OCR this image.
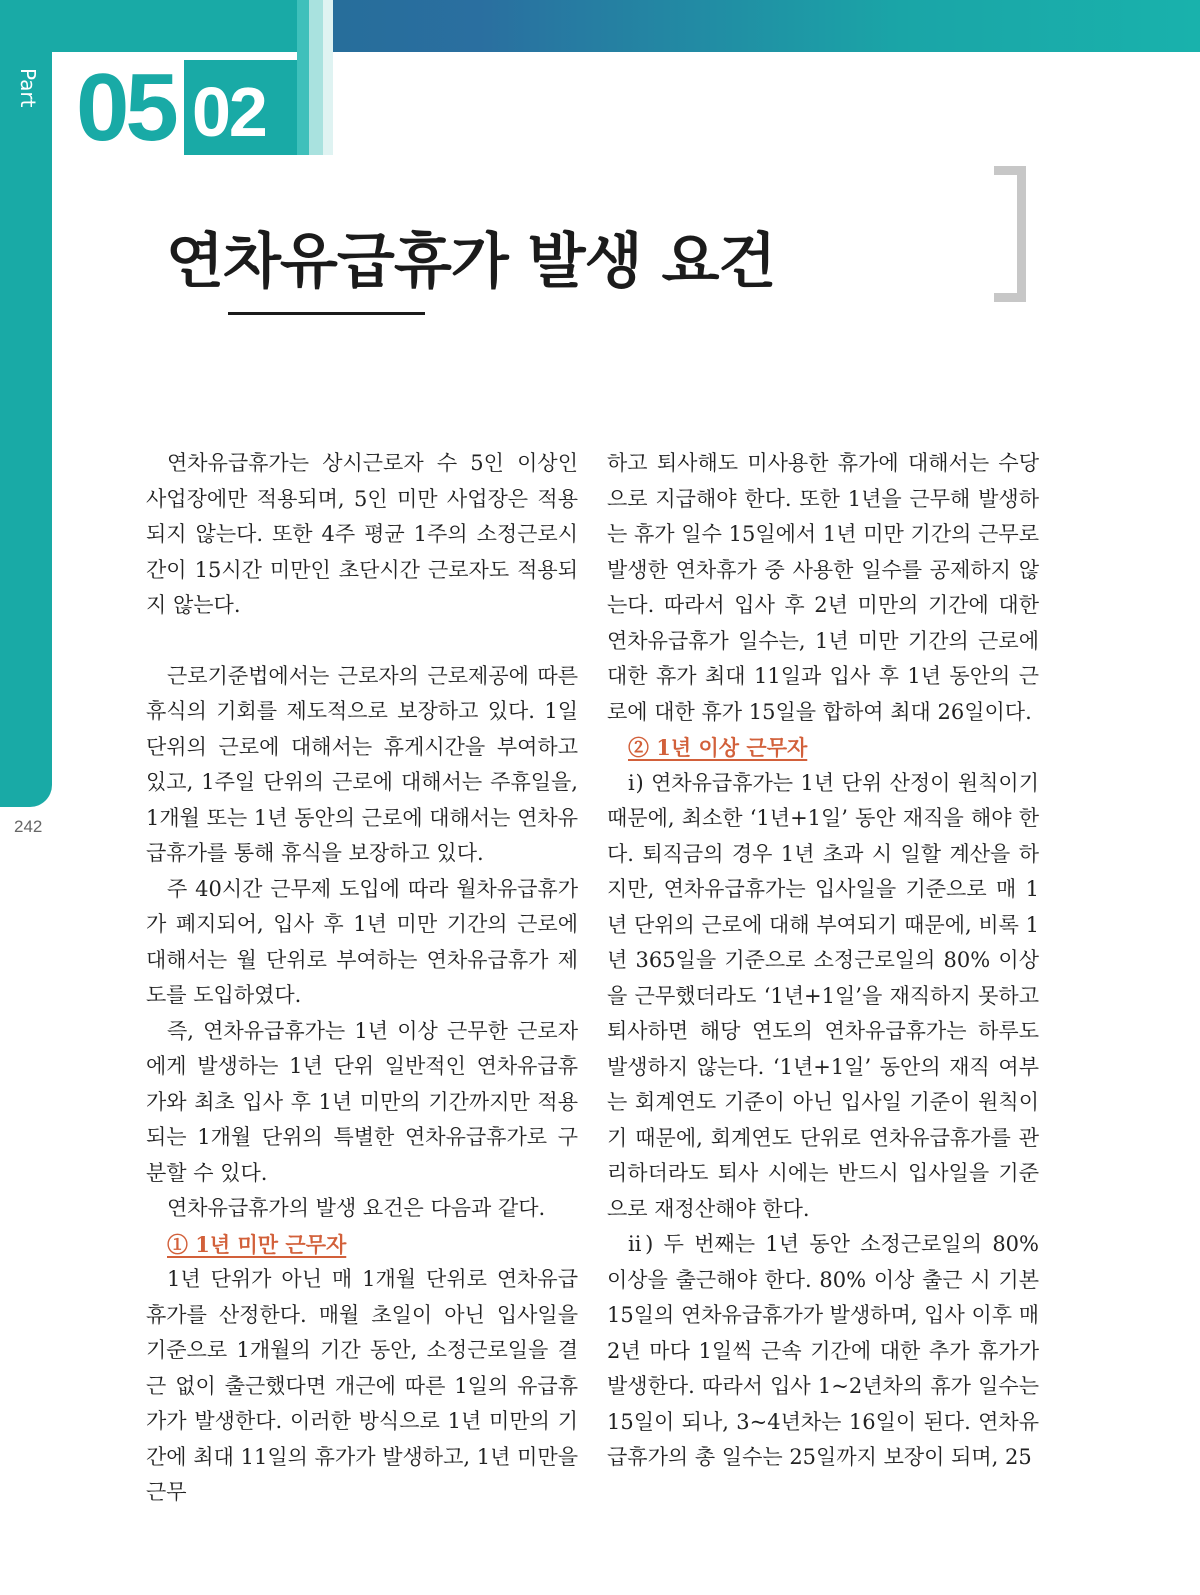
Part 05 02
연차유급휴가 발생 요건
242

연차유급휴가는 상시근로자 수 5인 이상인 사업장에만 적용되며, 5인 미만 사업장은 적용되지 않는다. 또한 4주 평균 1주의 소정근로시간이 15시간 미만인 초단시간 근로자도 적용되지 않는다.

근로기준법에서는 근로자의 근로제공에 따른 휴식의 기회를 제도적으로 보장하고 있다. 1일 단위의 근로에 대해서는 휴게시간을 부여하고 있고, 1주일 단위의 근로에 대해서는 주휴일을, 1개월 또는 1년 동안의 근로에 대해서는 연차유급휴가를 통해 휴식을 보장하고 있다.

주 40시간 근무제 도입에 따라 월차유급휴가가 폐지되어, 입사 후 1년 미만 기간의 근로에 대해서는 월 단위로 부여하는 연차유급휴가 제도를 도입하였다.

즉, 연차유급휴가는 1년 이상 근무한 근로자에게 발생하는 1년 단위 일반적인 연차유급휴가와 최초 입사 후 1년 미만의 기간까지만 적용되는 1개월 단위의 특별한 연차유급휴가로 구분할 수 있다.

연차유급휴가의 발생 요건은 다음과 같다.

① 1년 미만 근무자

1년 단위가 아닌 매 1개월 단위로 연차유급휴가를 산정한다. 매월 초일이 아닌 입사일을 기준으로 1개월의 기간 동안, 소정근로일을 결근 없이 출근했다면 개근에 따른 1일의 유급휴가가 발생한다. 이러한 방식으로 1년 미만의 기간에 최대 11일의 휴가가 발생하고, 1년 미만을 근무

하고 퇴사해도 미사용한 휴가에 대해서는 수당으로 지급해야 한다. 또한 1년을 근무해 발생하는 휴가 일수 15일에서 1년 미만 기간의 근무로 발생한 연차휴가 중 사용한 일수를 공제하지 않는다. 따라서 입사 후 2년 미만의 기간에 대한 연차유급휴가 일수는, 1년 미만 기간의 근로에 대한 휴가 최대 11일과 입사 후 1년 동안의 근로에 대한 휴가 15일을 합하여 최대 26일이다.

② 1년 이상 근무자

ⅰ) 연차유급휴가는 1년 단위 산정이 원칙이기 때문에, 최소한 ‘1년+1일’ 동안 재직을 해야 한다. 퇴직금의 경우 1년 초과 시 일할 계산을 하지만, 연차유급휴가는 입사일을 기준으로 매 1년 단위의 근로에 대해 부여되기 때문에, 비록 1년 365일을 기준으로 소정근로일의 80% 이상을 근무했더라도 ‘1년+1일’을 재직하지 못하고 퇴사하면 해당 연도의 연차유급휴가는 하루도 발생하지 않는다. ‘1년+1일’ 동안의 재직 여부는 회계연도 기준이 아닌 입사일 기준이 원칙이기 때문에, 회계연도 단위로 연차유급휴가를 관리하더라도 퇴사 시에는 반드시 입사일을 기준으로 재정산해야 한다.

ⅱ) 두 번째는 1년 동안 소정근로일의 80% 이상을 출근해야 한다. 80% 이상 출근 시 기본 15일의 연차유급휴가가 발생하며, 입사 이후 매 2년 마다 1일씩 근속 기간에 대한 추가 휴가가 발생한다. 따라서 입사 1~2년차의 휴가 일수는 15일이 되나, 3~4년차는 16일이 된다. 연차유급휴가의 총 일수는 25일까지 보장이 되며, 25
